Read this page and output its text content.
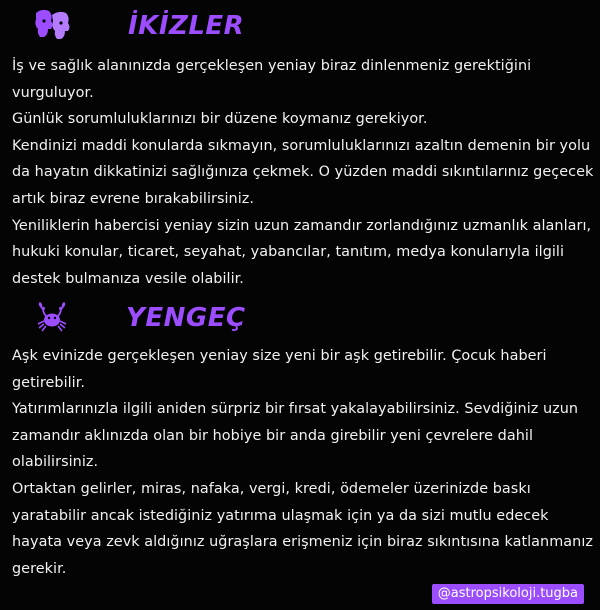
İKİZLER

İş ve sağlık alanınızda gerçekleşen yeniay biraz dinlenmeniz gerektiğini vurguluyor.

Günlük sorumluluklarınızı bir düzene koymanız gerekiyor.

Kendinizi maddi konularda sıkmayın, sorumluluklarınızı azaltın demenin bir yolu da hayatın dikkatinizi sağlığınıza çekmek. O yüzden maddi sıkıntılarınız geçecek artık biraz evrene bırakabilirsiniz.

Yeniliklerin habercisi yeniay sizin uzun zamandır zorlandığınız uzmanlık alanları, hukuki konular, ticaret, seyahat, yabancılar, tanıtım, medya konularıyla ilgili destek bulmanıza vesile olabilir.

YENGEÇ

Aşk evinizde gerçekleşen yeniay size yeni bir aşk getirebilir. Çocuk haberi getirebilir.

Yatırımlarınızla ilgili aniden sürpriz bir fırsat yakalayabilirsiniz. Sevdiğiniz uzun zamandır aklınızda olan bir hobiye bir anda girebilir yeni çevrelere dahil olabilirsiniz.

Ortaktan gelirler, miras, nafaka, vergi, kredi, ödemeler üzerinizde baskı yaratabilir ancak istediğiniz yatırıma ulaşmak için ya da sizi mutlu edecek hayata veya zevk aldığınız uğraşlara erişmeniz için biraz sıkıntısına katlanmanız gerekir.

@astropsikoloji.tugba
